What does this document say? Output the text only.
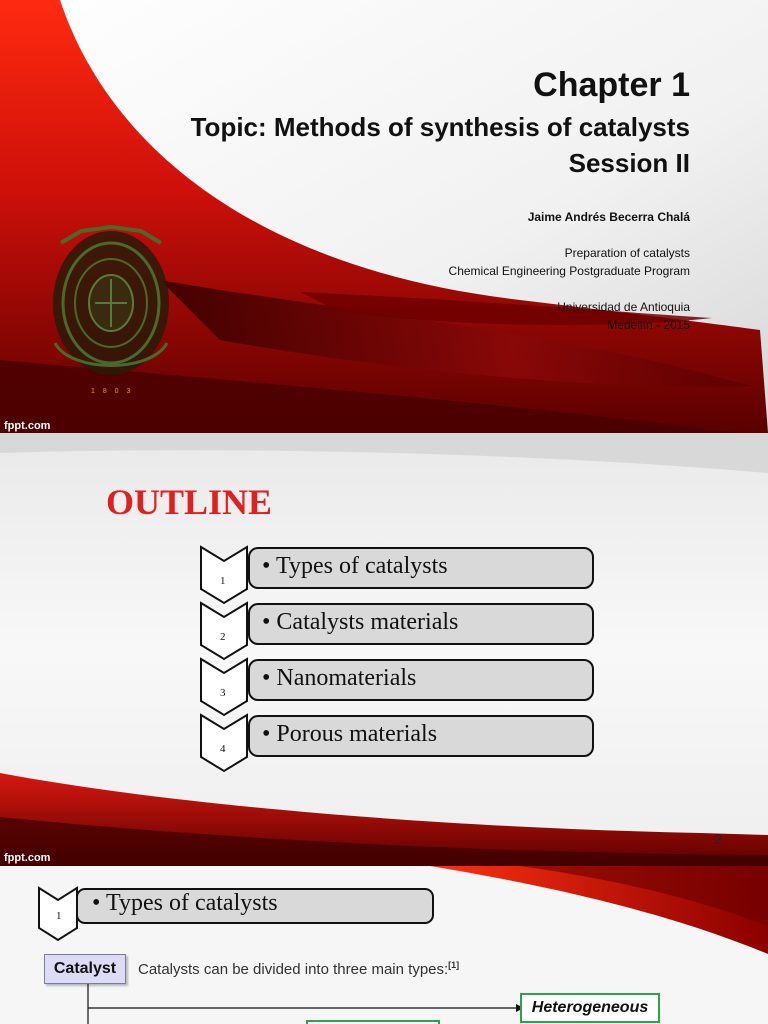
1 8 0 3
Chapter 1
Topic: Methods of synthesis of catalysts
Session II
Jaime Andrés Becerra Chalá
Preparation of catalysts
Chemical Engineering Postgraduate Program
Universidad de Antioquia
Medellín - 2015
fppt.com
OUTLINE
• Types of catalysts
• Catalysts materials
• Nanomaterials
• Porous materials
1
2
3
4
2
fppt.com
• Types of catalysts
1
Catalyst	Catalysts can be divided into three main types:[1]
Heterogeneous
